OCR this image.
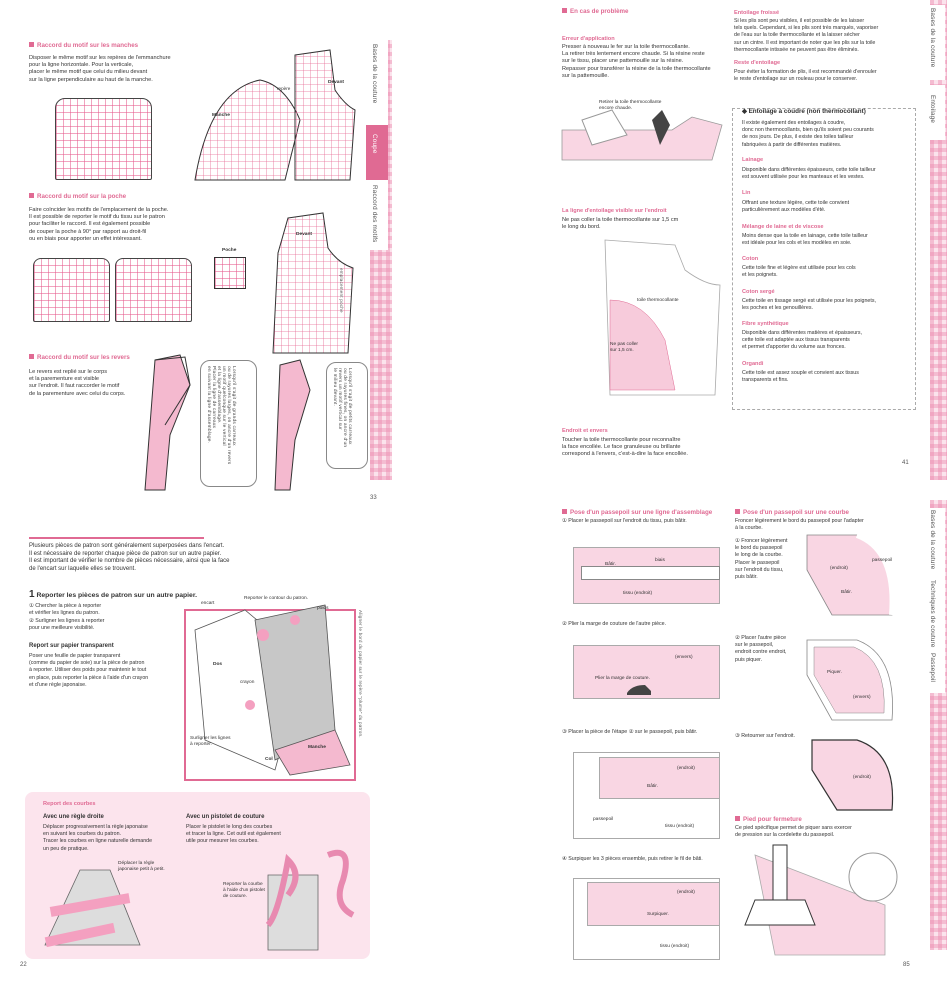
Raccord du motif sur les manches
Disposer le même motif sur les repères de l'emmanchure
pour la ligne horizontale. Pour la verticale,
placer le même motif que celui du milieu devant
sur la ligne perpendiculaire au haut de la manche.
repère
Devant
Manche
Raccord du motif sur la poche
Faire coïncider les motifs de l'emplacement de la poche.
Il est possible de reporter le motif du tissu sur le patron
pour faciliter le raccord. Il est également possible
de couper la poche à 90° par rapport au droit-fil
ou en biais pour apporter un effet intéressant.
Poche
Devant
emplacement poche
Raccord du motif sur les revers
Le revers est replié sur le corps
et la parementure est visible
sur l'endroit. Il faut raccorder le motif
de la parementure avec celui du corps.
Lorsqu'il s'agit de grands carreaux
ou de rayures larges, on ancre d'un revers
un motif quelconque sur le vertical
et la ligne d'assemblage.
Placer la ligne de carreaux
en suivant la ligne d'assemblage.
Lorsqu'il s'agit de petits carreaux
ou de rayures fines, on ancre d'un
revers un motif vertical sur
le milieu devant.
Bases de la couture
Coupe
Raccord des motifs
33
En cas de problème
Erreur d'application
Presser à nouveau le fer sur la toile thermocollante.
La retirer très lentement encore chaude. Si la résine reste
sur le tissu, placer une pattemouille sur la résine.
Repasser pour transférer la résine de la toile thermocollante
sur la pattemouille.
Retirer la toile thermocollante
encore chaude.
La ligne d'entoilage visible sur l'endroit
Ne pas coller la toile thermocollante sur 1,5 cm
le long du bord.
toile thermocollante
Ne pas coller
sur 1,5 cm.
Endroit et envers
Toucher la toile thermocollante pour reconnaître
la face encollée. Le face granuleuse ou brillante
correspond à l'envers, c'est-à-dire la face encollée.
Entoilage froissé
Si les plis sont peu visibles, il est possible de les laisser
tels quels. Cependant, si les plis sont très marqués, vaporiser
de l'eau sur la toile thermocollante et la laisser sécher
sur un cintre. Il est important de noter que les plis sur la toile
thermocollante intissée ne peuvent pas être éliminés.
Reste d'entoilage
Pour éviter la formation de plis, il est recommandé d'enrouler
le reste d'entoilage sur un rouleau pour le conserver.
◆ Entoilage à coudre (non thermocollant)
Il existe également des entoilages à coudre,
donc non thermocollants, bien qu'ils soient peu courants
de nos jours. De plus, il existe des toiles tailleur
fabriquées à partir de différentes matières.
Lainage
Disponible dans différentes épaisseurs, cette toile tailleur
est souvent utilisée pour les manteaux et les vestes.
Lin
Offrant une texture légère, cette toile convient
particulièrement aux modèles d'été.
Mélange de laine et de viscose
Moins dense que la toile en lainage, cette toile tailleur
est idéale pour les cols et les modèles en soie.
Coton
Cette toile fine et légère est utilisée pour les cols
et les poignets.
Coton sergé
Cette toile en tissage sergé est utilisée pour les poignets,
les poches et les genouillères.
Fibre synthétique
Disponible dans différentes matières et épaisseurs,
cette toile est adaptée aux tissus transparents
et permet d'apporter du volume aux fronces.
Organdi
Cette toile est assez souple et convient aux tissus
transparents et fins.
Bases de la couture
Entoilage
41
Plusieurs pièces de patron sont généralement superposées dans l'encart.
Il est nécessaire de reporter chaque pièce de patron sur un autre papier.
Il est important de vérifier le nombre de pièces nécessaire, ainsi que la face
de l'encart sur laquelle elles se trouvent.
1 Reporter les pièces de patron sur un autre papier.
① Chercher la pièce à reporter
et vérifier les lignes du patron.
② Surligner les lignes à reporter
pour une meilleure visibilité.
Report sur papier transparent
Poser une feuille de papier transparent
(comme du papier de soie) sur la pièce de patron
à reporter. Utiliser des poids pour maintenir le tout
en place, puis reporter la pièce à l'aide d'un crayon
et d'une règle japonaise.
encart
Reporter le contour du patron.
poids
Aligner le bord du papier sur le repère "plume" du patron.
crayon
Dos
Surligner les lignes
à reporter.
Col
Manche
Report des courbes
Avec une règle droite
Déplacer progressivement la règle japonaise
en suivant les courbes du patron.
Tracer les courbes en ligne naturelle demande
un peu de pratique.
Déplacer la règle
japonaise petit à petit.
Avec un pistolet de couture
Placer le pistolet le long des courbes
et tracer la ligne. Cet outil est également
utile pour mesurer les courbes.
Reporter la courbe
à l'aide d'un pistolet
de couture.
22
Pose d'un passepoil sur une ligne d'assemblage
① Placer le passepoil sur l'endroit du tissu, puis bâtir.
Bâtir.
biais
tissu (endroit)
② Plier la marge de couture de l'autre pièce.
(envers)
Plier la marge de couture.
③ Placer la pièce de l'étape ② sur le passepoil, puis bâtir.
(endroit)
Bâtir.
passepoil
tissu (endroit)
④ Surpiquer les 3 pièces ensemble, puis retirer le fil de bâti.
(endroit)
Surpiquer.
tissu (endroit)
Pose d'un passepoil sur une courbe
Froncer légèrement le bord du passepoil pour l'adapter
à la courbe.
① Froncer légèrement
le bord du passepoil
le long de la courbe.
Placer le passepoil
sur l'endroit du tissu,
puis bâtir.
(endroit)
passepoil
Bâtir.
② Placer l'autre pièce
sur le passepoil,
endroit contre endroit,
puis piquer.
Piquer.
(envers)
③ Retourner sur l'endroit.
(endroit)
Pied pour fermeture
Ce pied spécifique permet de piquer sans exercer
de pression sur la cordelette du passepoil.
Bases de la couture
Techniques de couture
Passepoil
85
